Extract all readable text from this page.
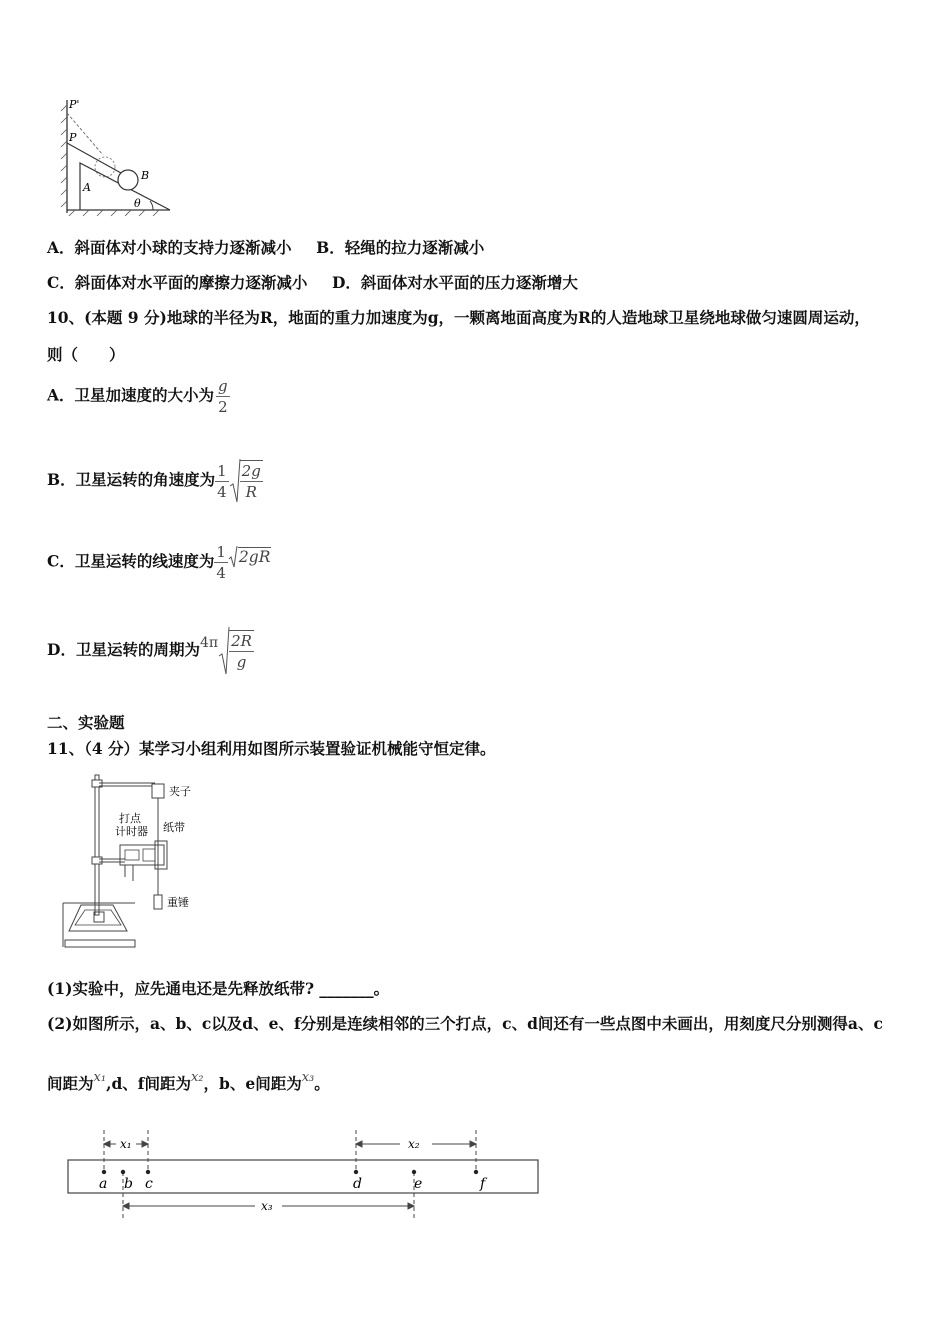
P'
P
A
B
θ
A．斜面体对小球的支持力逐渐减小 B．轻绳的拉力逐渐减小
C．斜面体对水平面的摩擦力逐渐减小 D．斜面体对水平面的压力逐渐增大
10、(本题 9 分)地球的半径为R，地面的重力加速度为g，一颗离地面高度为R的人造地球卫星绕地球做匀速圆周运动，
则（　　）
A．卫星加速度的大小为 $\frac{g}{2}$
B．卫星运转的角速度为 $\frac{1}{4} \frac{2g}{R}$
C．卫星运转的线速度为 $\frac{1}{4} 2gR$
D．卫星运转的周期为$4\pi \frac{2R}{g}$
二、实验题
11、（4 分）某学习小组利用如图所示装置验证机械能守恒定律。
夹子
打点
计时器 纸带
重锤
(1)实验中，应先通电还是先释放纸带? _______。
(2)如图所示，a、b、c以及d、e、f分别是连续相邻的三个打点，c、d间还有一些点图中未画出，用刻度尺分别测得a、c
间距为$^{x_1}$,d、f间距为$^{x_2}$，b、e间距为$^{x_3}$。
x₁	x₂
x₃
a b c	d	e	f
